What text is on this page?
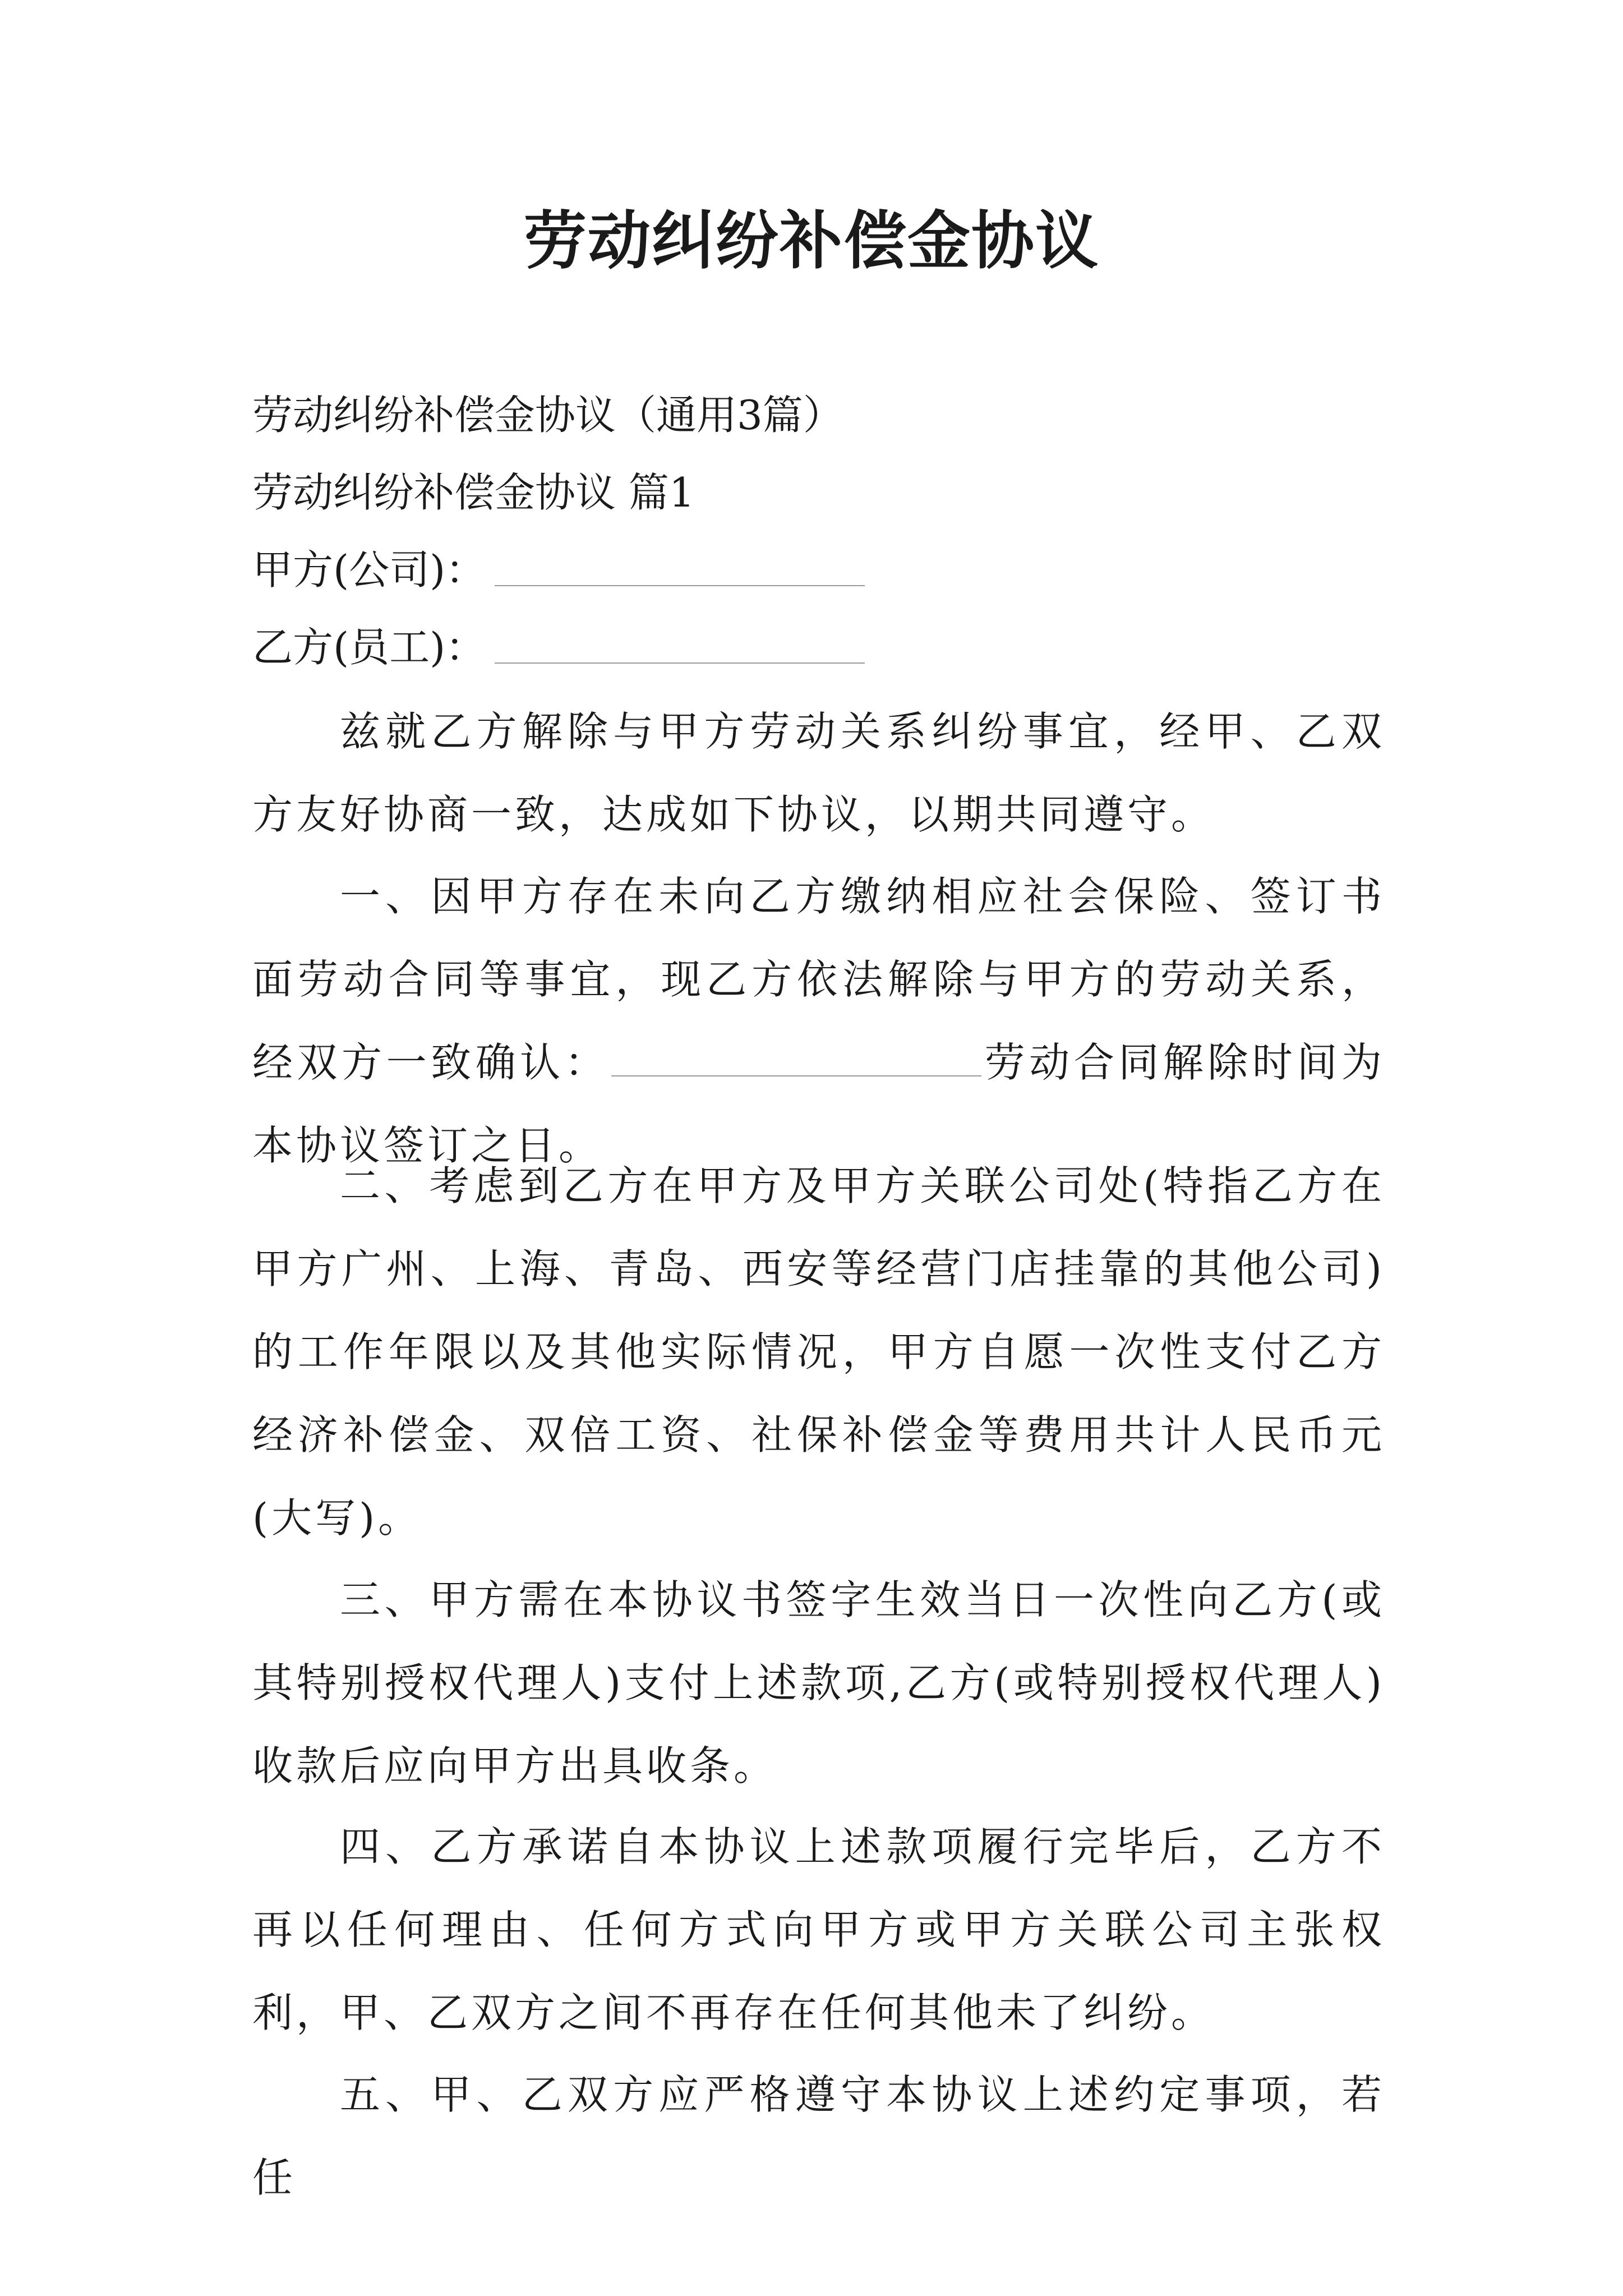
劳动纠纷补偿金协议

劳动纠纷补偿金协议（通用3篇）

劳动纠纷补偿金协议 篇1

甲方(公司)：

乙方(员工)：

兹就乙方解除与甲方劳动关系纠纷事宜，经甲、乙双方友好协商一致，达成如下协议，以期共同遵守。

一、因甲方存在未向乙方缴纳相应社会保险、签订书面劳动合同等事宜，现乙方依法解除与甲方的劳动关系，经双方一致确认：	劳动合同解除时间为本协议签订之日。

二、考虑到乙方在甲方及甲方关联公司处(特指乙方在甲方广州、上海、青岛、西安等经营门店挂靠的其他公司)的工作年限以及其他实际情况，甲方自愿一次性支付乙方经济补偿金、双倍工资、社保补偿金等费用共计人民币元(大写)。

三、甲方需在本协议书签字生效当日一次性向乙方(或其特别授权代理人)支付上述款项,乙方(或特别授权代理人)收款后应向甲方出具收条。

四、乙方承诺自本协议上述款项履行完毕后，乙方不再以任何理由、任何方式向甲方或甲方关联公司主张权利，甲、乙双方之间不再存在任何其他未了纠纷。

五、甲、乙双方应严格遵守本协议上述约定事项，若任
